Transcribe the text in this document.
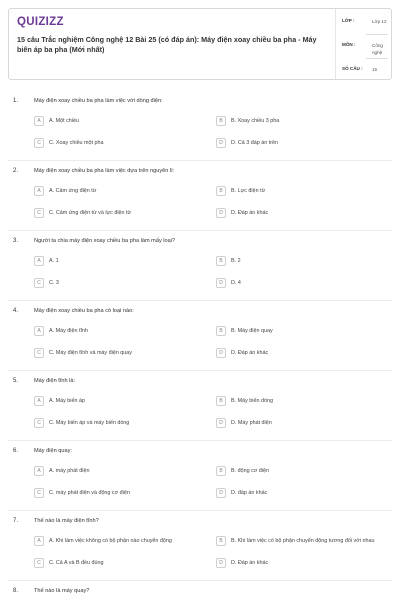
QUIZIZZ
15 câu Trắc nghiệm Công nghệ 12 Bài 25 (có đáp án): Máy điện xoay chiều ba pha - Máy biến áp ba pha (Mới nhất)
LỚP :	Lớp 12
MÔN :	Công nghệ
SỐ CÂU :	15
1.	Máy điện xoay chiều ba pha làm việc với dòng điện:
A	A. Một chiều	B	B. Xoay chiều 3 pha
C	C. Xoay chiều một pha	D	D. Cả 3 đáp án trên
2.	Máy điện xoay chiều ba pha làm việc dựa trên nguyên lí:
A	A. Cảm ứng điện từ	B	B. Lực điện từ
C	C. Cảm ứng điện từ và lực điện từ	D	D. Đáp án khác
3.	Người ta chia máy điện xoay chiều ba pha làm mấy loại?
A	A. 1	B	B. 2
C	C. 3	D	D. 4
4.	Máy điện xoay chiều ba pha có loại nào:
A	A. Máy điện tĩnh	B	B. Máy điện quay
C	C. Máy điện tĩnh và máy điện quay	D	D. Đáp án khác
5.	Máy điện tĩnh là:
A	A. Máy biến áp	B	B. Máy biến dòng
C	C. Máy biến áp và máy biến dòng	D	D. Máy phát điện
6.	Máy điện quay:
A	A. máy phát điện	B	B. động cơ điện
C	C. máy phát điện và động cơ điện	D	D. đáp án khác
7.	Thế nào là máy điện tĩnh?
A	A. Khi làm việc không có bộ phận nào chuyển động	B	B. Khi làm việc có bộ phận chuyển động tương đối với nhau
C	C. Cả A và B đều đúng	D	D. Đáp án khác
8.	Thế nào là máy quay?
